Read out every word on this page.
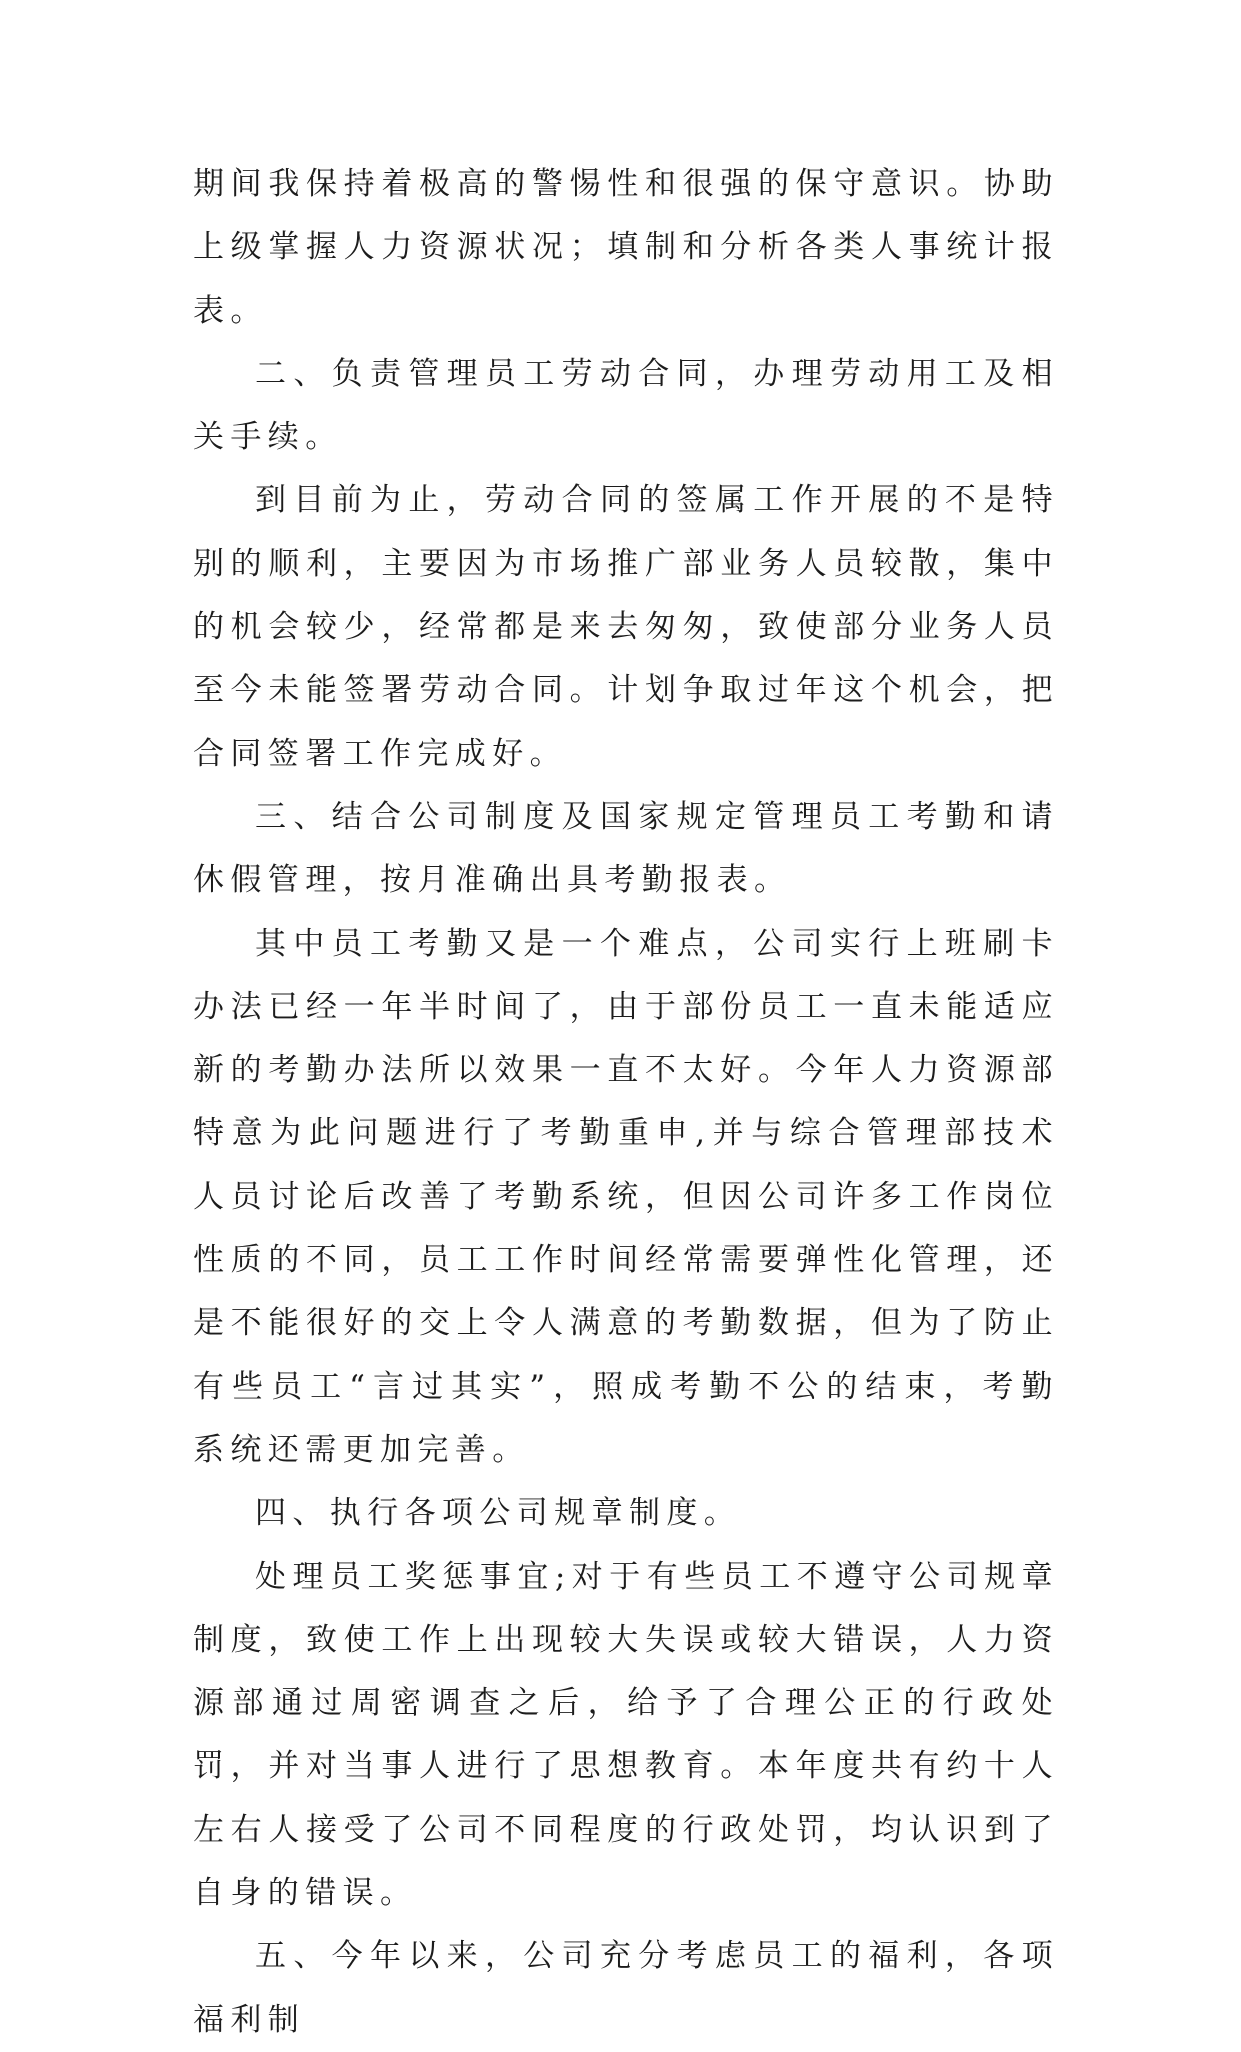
期间我保持着极高的警惕性和很强的保守意识。协助上级掌握人力资源状况；填制和分析各类人事统计报表。

二、负责管理员工劳动合同，办理劳动用工及相关手续。

到目前为止，劳动合同的签属工作开展的不是特别的顺利，主要因为市场推广部业务人员较散，集中的机会较少，经常都是来去匆匆，致使部分业务人员至今未能签署劳动合同。计划争取过年这个机会，把合同签署工作完成好。

三、结合公司制度及国家规定管理员工考勤和请休假管理，按月准确出具考勤报表。

其中员工考勤又是一个难点，公司实行上班刷卡办法已经一年半时间了，由于部份员工一直未能适应新的考勤办法所以效果一直不太好。今年人力资源部特意为此问题进行了考勤重申,并与综合管理部技术人员讨论后改善了考勤系统，但因公司许多工作岗位性质的不同，员工工作时间经常需要弹性化管理，还是不能很好的交上令人满意的考勤数据，但为了防止有些员工“言过其实”，照成考勤不公的结束，考勤系统还需更加完善。

四、执行各项公司规章制度。

处理员工奖惩事宜;对于有些员工不遵守公司规章制度，致使工作上出现较大失误或较大错误，人力资源部通过周密调查之后，给予了合理公正的行政处罚，并对当事人进行了思想教育。本年度共有约十人左右人接受了公司不同程度的行政处罚，均认识到了自身的错误。

五、今年以来，公司充分考虑员工的福利，各项福利制
